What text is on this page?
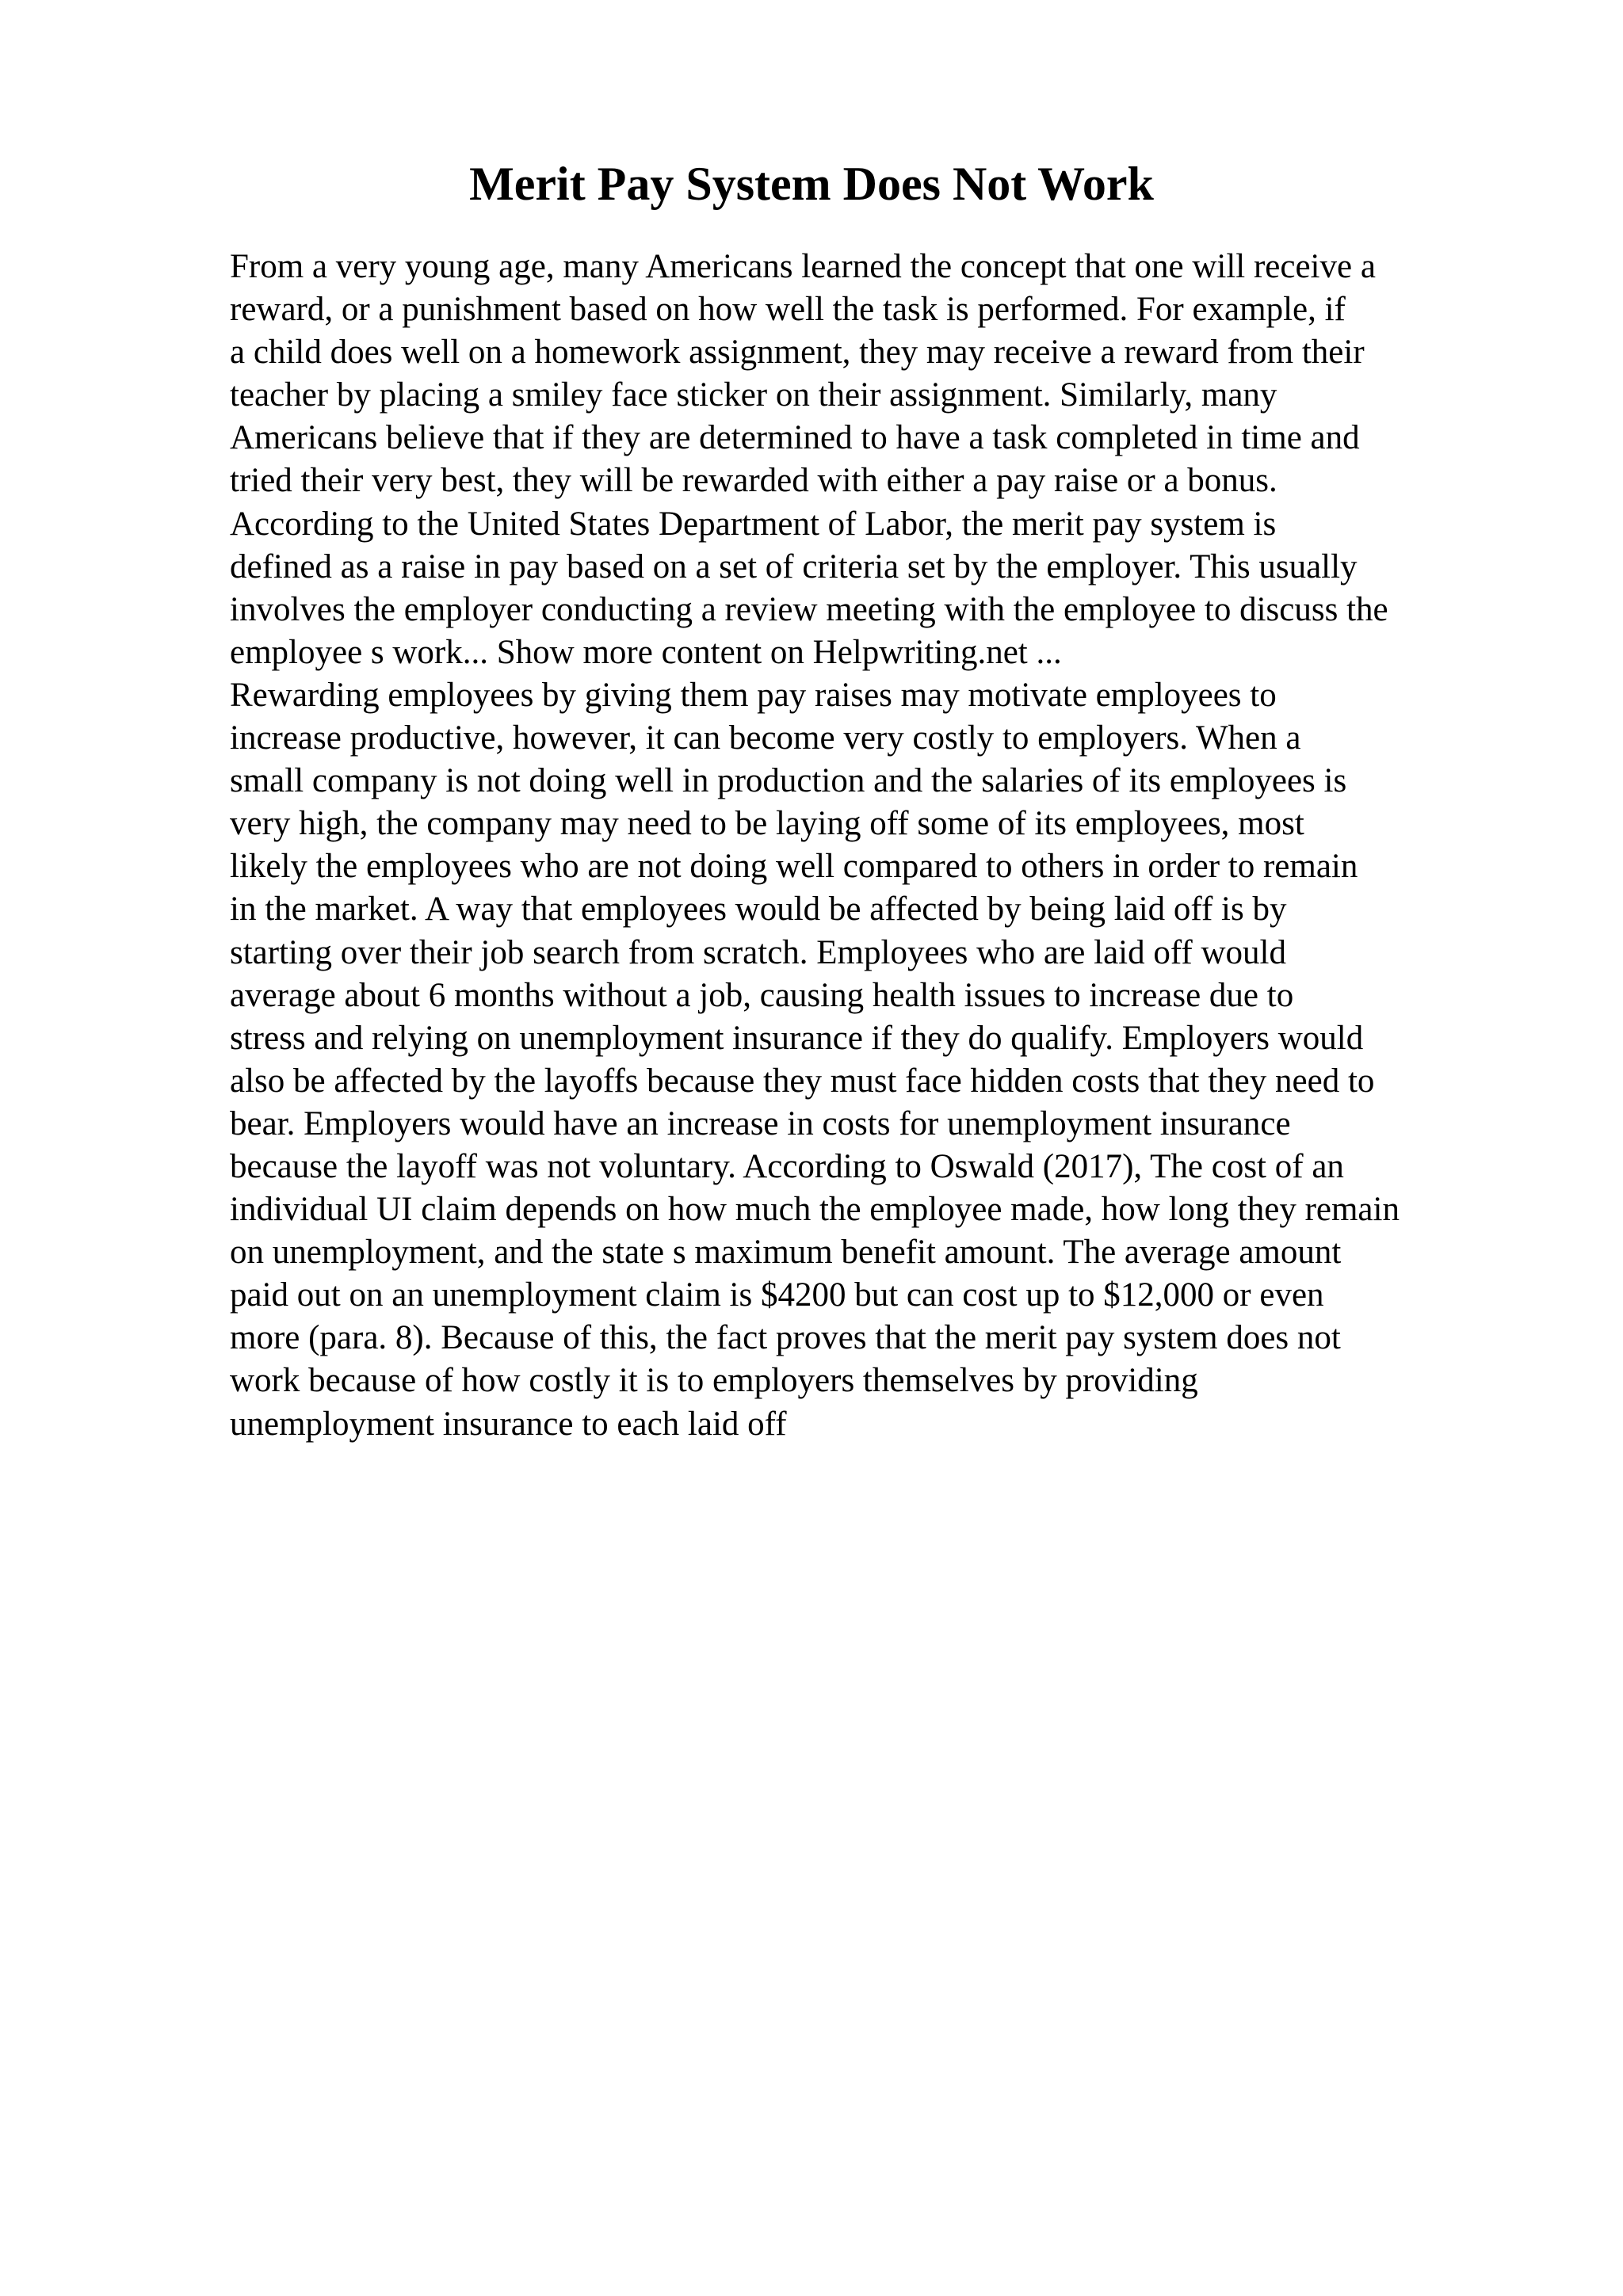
Merit Pay System Does Not Work
From a very young age, many Americans learned the concept that one will receive a
reward, or a punishment based on how well the task is performed. For example, if
a child does well on a homework assignment, they may receive a reward from their
teacher by placing a smiley face sticker on their assignment. Similarly, many
Americans believe that if they are determined to have a task completed in time and
tried their very best, they will be rewarded with either a pay raise or a bonus.
According to the United States Department of Labor, the merit pay system is
defined as a raise in pay based on a set of criteria set by the employer. This usually
involves the employer conducting a review meeting with the employee to discuss the
employee s work... Show more content on Helpwriting.net ...
Rewarding employees by giving them pay raises may motivate employees to
increase productive, however, it can become very costly to employers. When a
small company is not doing well in production and the salaries of its employees is
very high, the company may need to be laying off some of its employees, most
likely the employees who are not doing well compared to others in order to remain
in the market. A way that employees would be affected by being laid off is by
starting over their job search from scratch. Employees who are laid off would
average about 6 months without a job, causing health issues to increase due to
stress and relying on unemployment insurance if they do qualify. Employers would
also be affected by the layoffs because they must face hidden costs that they need to
bear. Employers would have an increase in costs for unemployment insurance
because the layoff was not voluntary. According to Oswald (2017), The cost of an
individual UI claim depends on how much the employee made, how long they remain
on unemployment, and the state s maximum benefit amount. The average amount
paid out on an unemployment claim is $4200 but can cost up to $12,000 or even
more (para. 8). Because of this, the fact proves that the merit pay system does not
work because of how costly it is to employers themselves by providing
unemployment insurance to each laid off
